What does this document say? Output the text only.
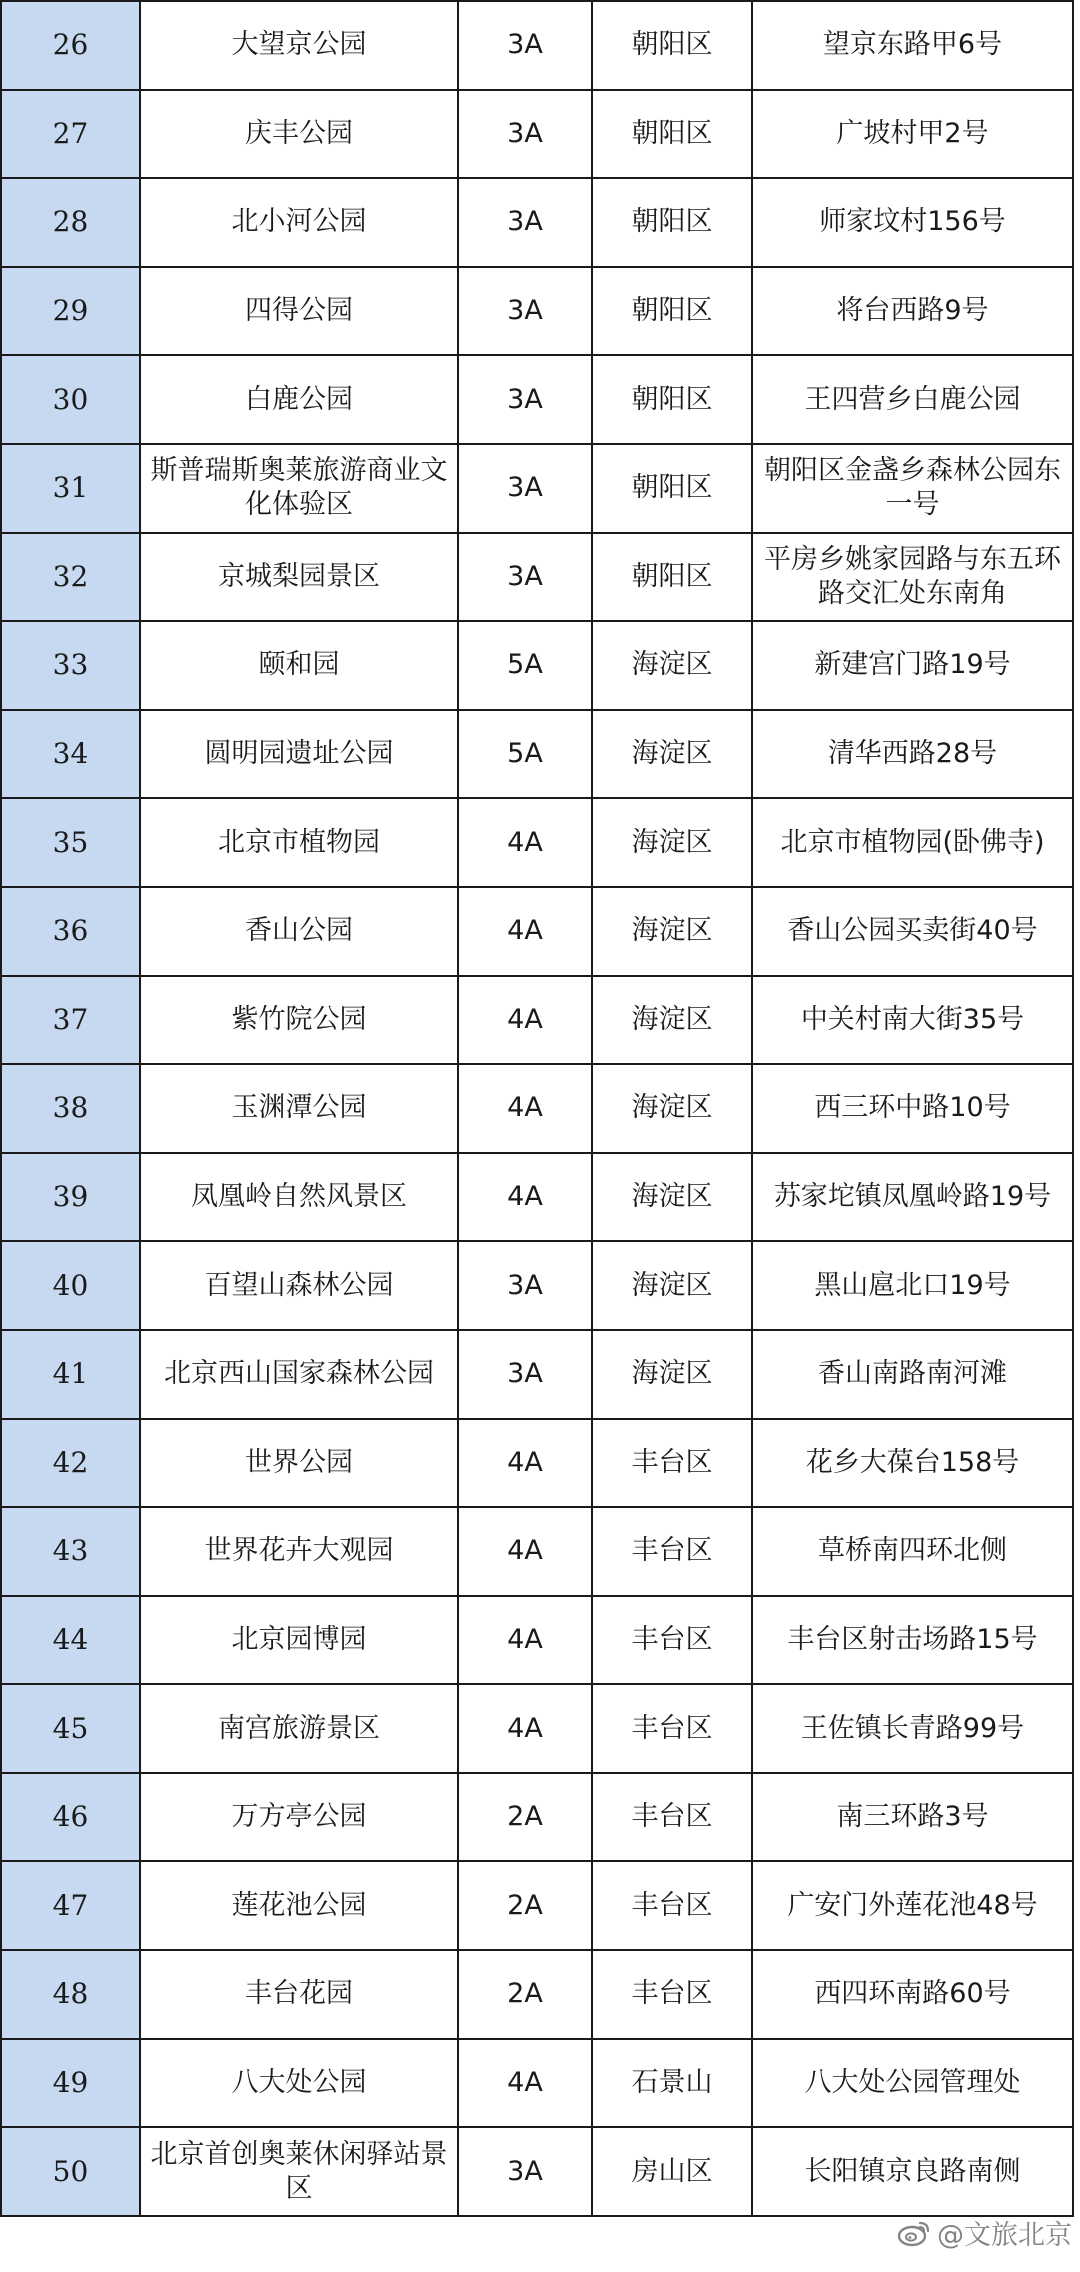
26	大望京公园	3A	朝阳区	望京东路甲6号
27	庆丰公园	3A	朝阳区	广坡村甲2号
28	北小河公园	3A	朝阳区	师家坟村156号
29	四得公园	3A	朝阳区	将台西路9号
30	白鹿公园	3A	朝阳区	王四营乡白鹿公园
31	斯普瑞斯奥莱旅游商业文化体验区	3A	朝阳区	朝阳区金盏乡森林公园东一号
32	京城梨园景区	3A	朝阳区	平房乡姚家园路与东五环路交汇处东南角
33	颐和园	5A	海淀区	新建宫门路19号
34	圆明园遗址公园	5A	海淀区	清华西路28号
35	北京市植物园	4A	海淀区	北京市植物园(卧佛寺)
36	香山公园	4A	海淀区	香山公园买卖街40号
37	紫竹院公园	4A	海淀区	中关村南大街35号
38	玉渊潭公园	4A	海淀区	西三环中路10号
39	凤凰岭自然风景区	4A	海淀区	苏家坨镇凤凰岭路19号
40	百望山森林公园	3A	海淀区	黑山扈北口19号
41	北京西山国家森林公园	3A	海淀区	香山南路南河滩
42	世界公园	4A	丰台区	花乡大葆台158号
43	世界花卉大观园	4A	丰台区	草桥南四环北侧
44	北京园博园	4A	丰台区	丰台区射击场路15号
45	南宫旅游景区	4A	丰台区	王佐镇长青路99号
46	万方亭公园	2A	丰台区	南三环路3号
47	莲花池公园	2A	丰台区	广安门外莲花池48号
48	丰台花园	2A	丰台区	西四环南路60号
49	八大处公园	4A	石景山	八大处公园管理处
50	北京首创奥莱休闲驿站景区	3A	房山区	长阳镇京良路南侧
@文旅北京
